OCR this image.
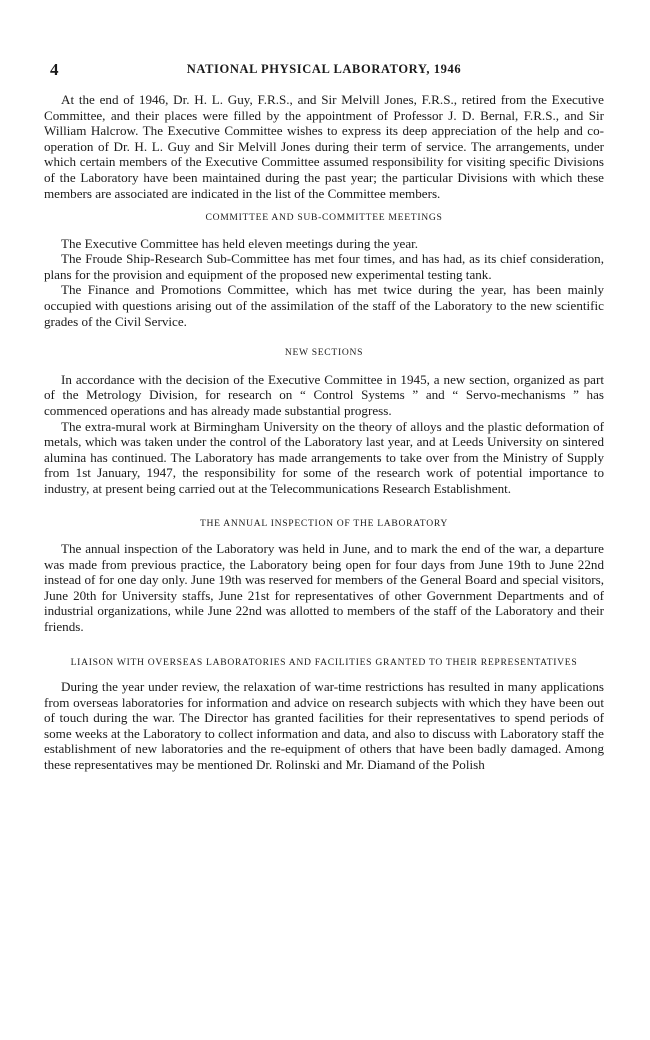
4	NATIONAL PHYSICAL LABORATORY, 1946

At the end of 1946, Dr. H. L. Guy, F.R.S., and Sir Melvill Jones, F.R.S., retired from the Executive Committee, and their places were filled by the appointment of Professor J. D. Bernal, F.R.S., and Sir William Halcrow. The Executive Committee wishes to express its deep appreciation of the help and co-operation of Dr. H. L. Guy and Sir Melvill Jones during their term of service. The arrangements, under which certain members of the Executive Committee assumed responsibility for visiting specific Divisions of the Laboratory have been maintained during the past year; the particular Divisions with which these members are associated are indicated in the list of the Committee members.

COMMITTEE AND SUB-COMMITTEE MEETINGS

The Executive Committee has held eleven meetings during the year.

The Froude Ship-Research Sub-Committee has met four times, and has had, as its chief consideration, plans for the provision and equipment of the proposed new experimental testing tank.

The Finance and Promotions Committee, which has met twice during the year, has been mainly occupied with questions arising out of the assimilation of the staff of the Laboratory to the new scientific grades of the Civil Service.

NEW SECTIONS

In accordance with the decision of the Executive Committee in 1945, a new section, organized as part of the Metrology Division, for research on “ Control Systems ” and “ Servo-mechanisms ” has commenced operations and has already made substantial progress.

The extra-mural work at Birmingham University on the theory of alloys and the plastic deformation of metals, which was taken under the control of the Laboratory last year, and at Leeds University on sintered alumina has continued. The Laboratory has made arrangements to take over from the Ministry of Supply from 1st January, 1947, the responsibility for some of the research work of potential importance to industry, at present being carried out at the Telecommunications Research Establishment.

THE ANNUAL INSPECTION OF THE LABORATORY

The annual inspection of the Laboratory was held in June, and to mark the end of the war, a departure was made from previous practice, the Laboratory being open for four days from June 19th to June 22nd instead of for one day only. June 19th was reserved for members of the General Board and special visitors, June 20th for University staffs, June 21st for representatives of other Government Departments and of industrial organizations, while June 22nd was allotted to members of the staff of the Laboratory and their friends.

LIAISON WITH OVERSEAS LABORATORIES AND FACILITIES GRANTED TO THEIR REPRESENTATIVES

During the year under review, the relaxation of war-time restrictions has resulted in many applications from overseas laboratories for information and advice on research subjects with which they have been out of touch during the war. The Director has granted facilities for their representatives to spend periods of some weeks at the Laboratory to collect information and data, and also to discuss with Laboratory staff the establishment of new laboratories and the re-equipment of others that have been badly damaged. Among these representatives may be mentioned Dr. Rolinski and Mr. Diamand of the Polish
